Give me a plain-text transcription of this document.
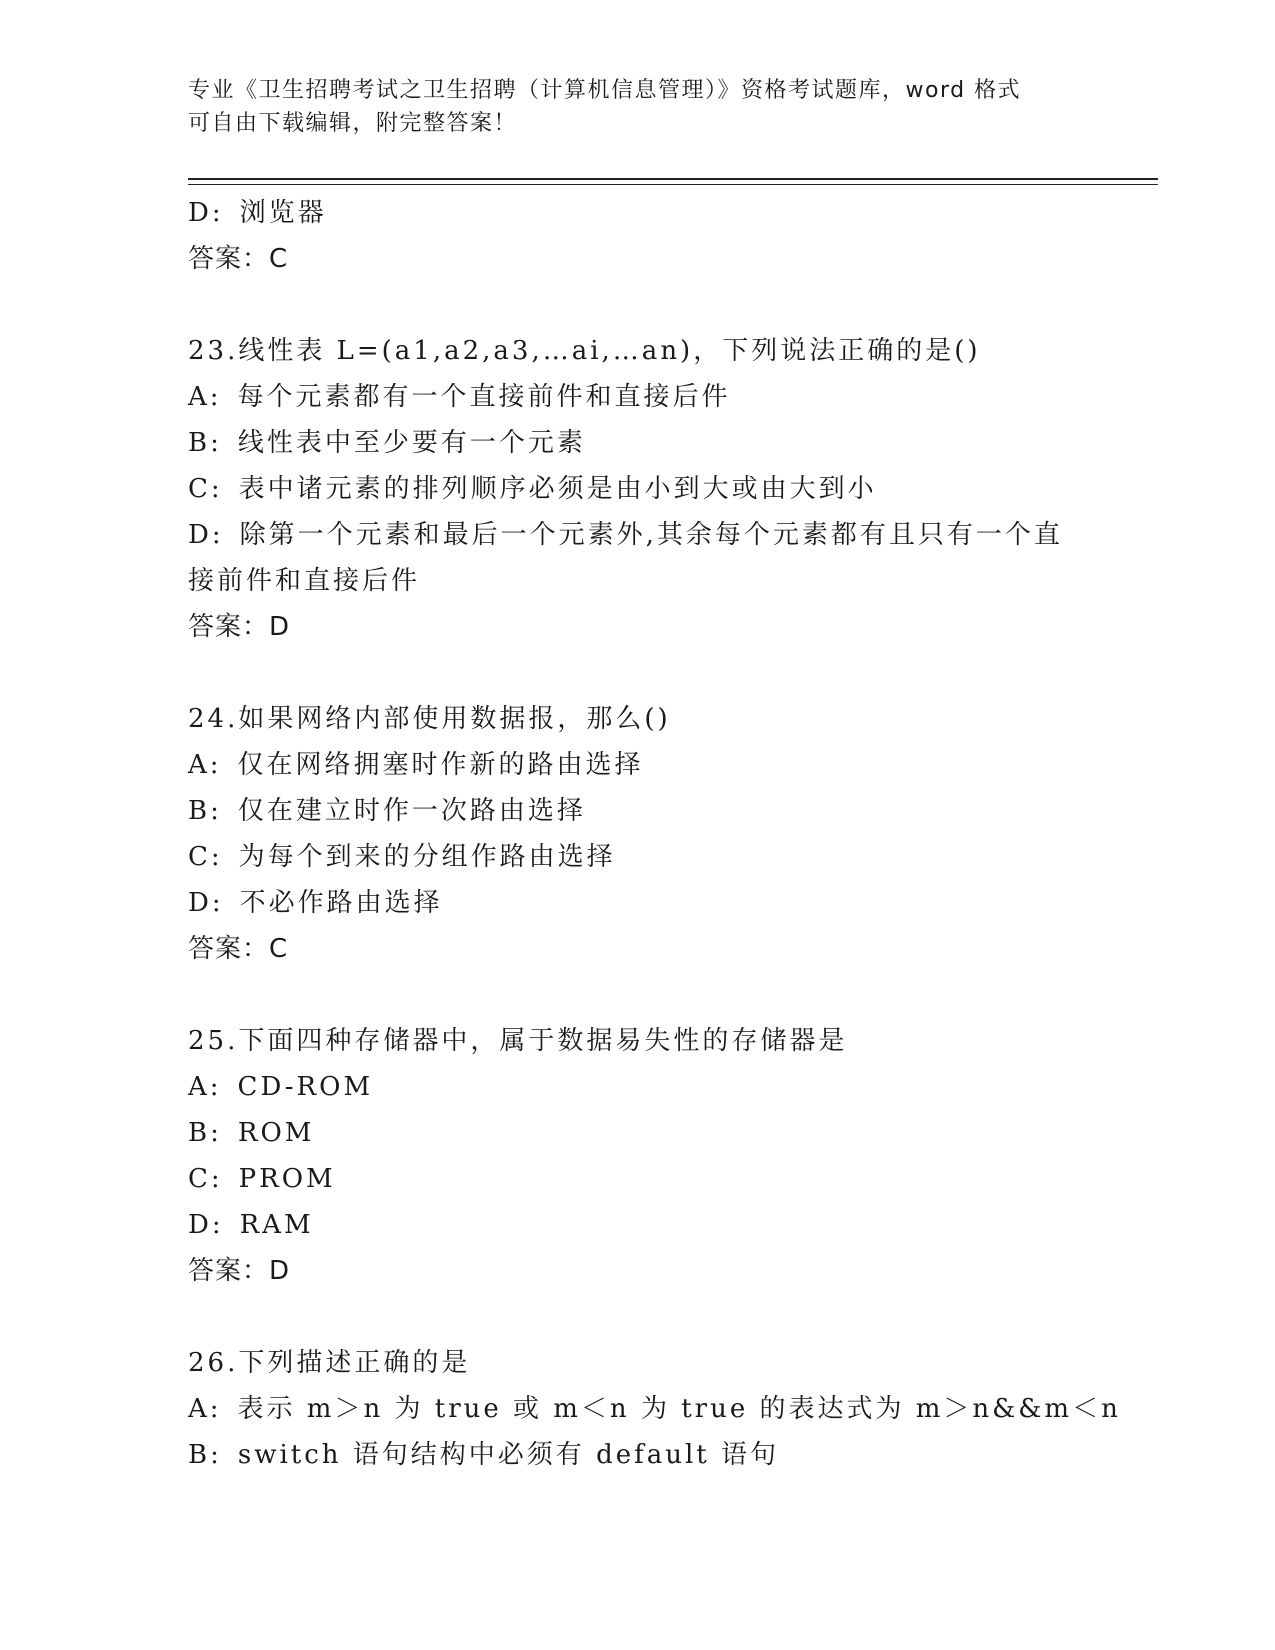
专业《卫生招聘考试之卫生招聘（计算机信息管理）》资格考试题库，word 格式
可自由下载编辑，附完整答案！
D: 浏览器
答案：C
23.线性表 L=(a1,a2,a3,…ai,…an)，下列说法正确的是()
A: 每个元素都有一个直接前件和直接后件
B: 线性表中至少要有一个元素
C: 表中诸元素的排列顺序必须是由小到大或由大到小
D: 除第一个元素和最后一个元素外,其余每个元素都有且只有一个直接前件和直接后件
答案：D
24.如果网络内部使用数据报，那么()
A: 仅在网络拥塞时作新的路由选择
B: 仅在建立时作一次路由选择
C: 为每个到来的分组作路由选择
D: 不必作路由选择
答案：C
25.下面四种存储器中，属于数据易失性的存储器是
A: CD-ROM
B: ROM
C: PROM
D: RAM
答案：D
26.下列描述正确的是
A: 表示 m＞n 为 true 或 m＜n 为 true 的表达式为 m＞n&&m＜n
B: switch 语句结构中必须有 default 语句
